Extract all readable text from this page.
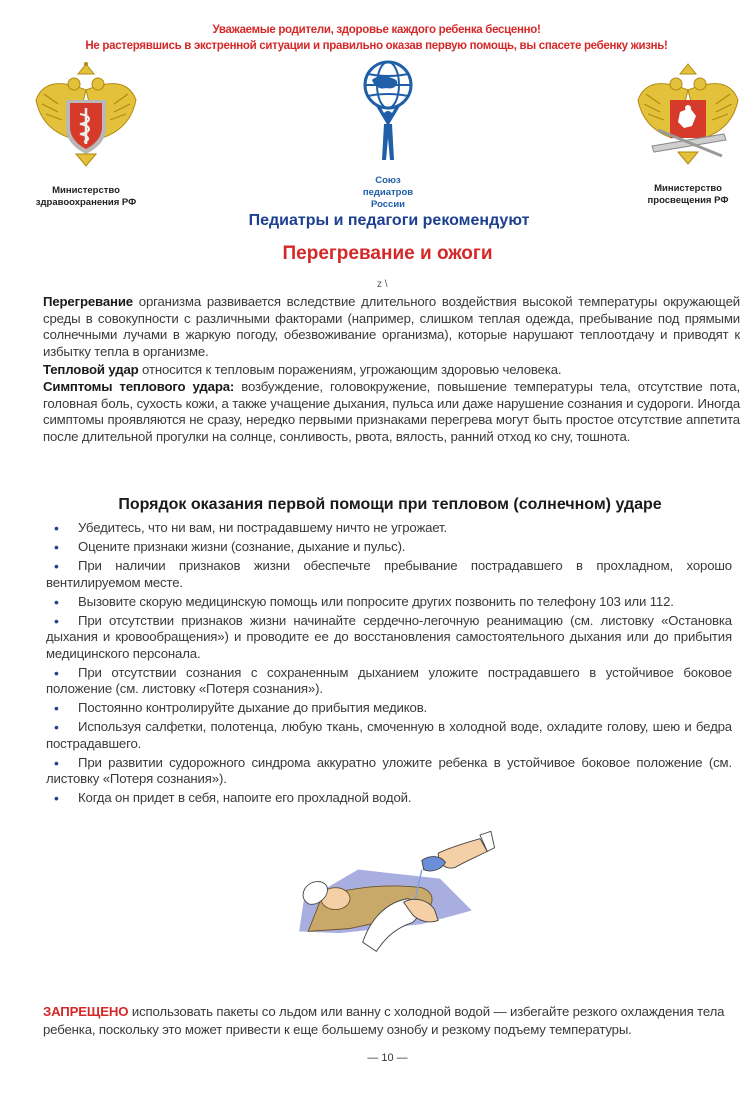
Уважаемые родители, здоровье каждого ребенка бесценно!
Не растерявшись в экстренной ситуации и правильно оказав первую помощь, вы спасете ребенку жизнь!
Министерство
здравоохранения РФ
Союз
педиатров
России
Министерство
просвещения РФ
Педиатры и педагоги рекомендуют
Перегревание и ожоги
z \
Перегревание организма развивается вследствие длительного воздействия высокой температуры окружающей среды в совокупности с различными факторами (например, слишком теплая одежда, пребывание под прямыми солнечными лучами в жаркую погоду, обезвоживание организма), которые нарушают теплоотдачу и приводят к избытку тепла в организме.
Тепловой удар относится к тепловым поражениям, угрожающим здоровью человека.
Симптомы теплового удара: возбуждение, головокружение, повышение температуры тела, отсутствие пота, головная боль, сухость кожи, а также учащение дыхания, пульса или даже нарушение сознания и судороги. Иногда симптомы проявляются не сразу, нередко первыми признаками перегрева могут быть простое отсутствие аппетита после длительной прогулки на солнце, сонливость, рвота, вялость, ранний отход ко сну, тошнота.
Порядок оказания первой помощи при тепловом (солнечном) ударе
• Убедитесь, что ни вам, ни пострадавшему ничто не угрожает.
• Оцените признаки жизни (сознание, дыхание и пульс).
• При наличии признаков жизни обеспечьте пребывание пострадавшего в прохладном, хорошо вентилируемом месте.
• Вызовите скорую медицинскую помощь или попросите других позвонить по телефону 103 или 112.
• При отсутствии признаков жизни начинайте сердечно-легочную реанимацию (см. листовку «Остановка дыхания и кровообращения») и проводите ее до восстановления самостоятельного дыхания или до прибытия медицинского персонала.
• При отсутствии сознания с сохраненным дыханием уложите пострадавшего в устойчивое боковое положение (см. листовку «Потеря сознания»).
• Постоянно контролируйте дыхание до прибытия медиков.
• Используя салфетки, полотенца, любую ткань, смоченную в холодной воде, охладите голову, шею и бедра пострадавшего.
• При развитии судорожного синдрома аккуратно уложите ребенка в устойчивое боковое положение (см. листовку «Потеря сознания»).
• Когда он придет в себя, напоите его прохладной водой.
ЗАПРЕЩЕНО использовать пакеты со льдом или ванну с холодной водой — избегайте резкого охлаждения тела ребенка, поскольку это может привести к еще большему ознобу и резкому подъему температуры.
— 10 —
